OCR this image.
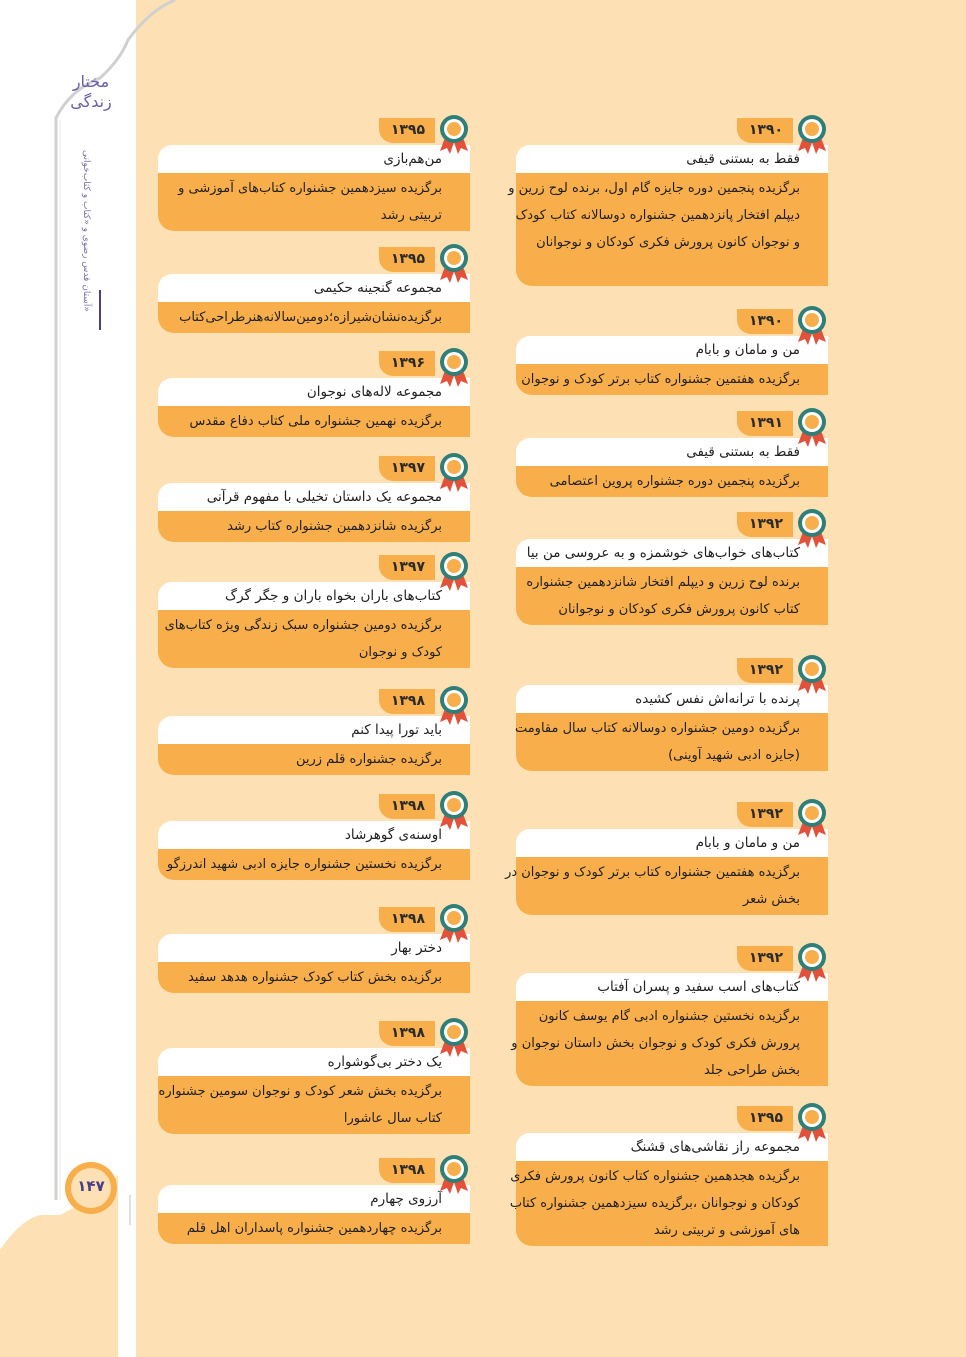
مختار زندگی
آستان قدس رضوی و «کتاب و کتاب‌خوانی»
۱۴۷
۱۳۹۵
من‌هم‌بازی
برگزیده سیزدهمین جشنواره کتاب‌های آموزشی و
تربیتی رشد
۱۳۹۵
مجموعه گنجینه حکیمی
برگزیده‌نشان‌شیرازه؛دومین‌سالانه‌هنرطراحی‌کتاب
۱۳۹۶
مجموعه لاله‌های نوجوان
برگزیده نهمین جشنواره ملی کتاب دفاع مقدس
۱۳۹۷
مجموعه یک داستان تخیلی با مفهوم قرآنی
برگزیده شانزدهمین جشنواره کتاب رشد
۱۳۹۷
کتاب‌های باران بخواه باران و جگر گرگ
برگزیده دومین جشنواره سبک زندگی ویژه کتاب‌های
کودک و نوجوان
۱۳۹۸
باید تورا پیدا کنم
برگزیده جشنواره قلم زرین
۱۳۹۸
اوسنه‌ی گوهرشاد
برگزیده نخستین جشنواره جایزه ادبی شهید اندرزگو
۱۳۹۸
دختر بهار
برگزیده بخش کتاب کودک جشنواره هدهد سفید
۱۳۹۸
یک دختر بی‌گوشواره
برگزیده بخش شعر کودک و نوجوان سومین جشنواره
کتاب سال عاشورا
۱۳۹۸
آرزوی چهارم
برگزیده چهاردهمین جشنواره پاسداران اهل قلم
۱۳۹۰
فقط به بستنی قیفی
برگزیده پنجمین دوره جایزه گام اول، برنده لوح زرین و
دیپلم افتخار پانزدهمین جشنواره دوسالانه کتاب کودک
و نوجوان کانون پرورش فکری کودکان و نوجوانان
۱۳۹۰
من و مامان و بابام
برگزیده هفتمین جشنواره کتاب برتر کودک و نوجوان
۱۳۹۱
فقط به بستنی قیفی
برگزیده پنجمین دوره جشنواره پروین اعتصامی
۱۳۹۲
کتاب‌های خواب‌های خوشمزه و به عروسی من بیا
برنده لوح زرین و دیپلم افتخار شانزدهمین جشنواره
کتاب کانون پرورش فکری کودکان و نوجوانان
۱۳۹۲
پرنده با ترانه‌اش نفس کشیده
برگزیده دومین جشنواره دوسالانه کتاب سال مقاومت
(جایزه ادبی شهید آوینی)
۱۳۹۲
من و مامان و بابام
برگزیده هفتمین جشنواره کتاب برتر کودک و نوجوان در
بخش شعر
۱۳۹۲
کتاب‌های اسب سفید و پسران آفتاب
برگزیده نخستین جشنواره ادبی گام یوسف کانون
پرورش فکری کودک و نوجوان بخش داستان نوجوان و
بخش طراحی جلد
۱۳۹۵
مجموعه راز نقاشی‌های قشنگ
برگزیده هجدهمین جشنواره کتاب کانون پرورش فکری
کودکان و نوجوانان ،برگزیده سیزدهمین جشنواره کتاب
های آموزشی و تربیتی رشد
